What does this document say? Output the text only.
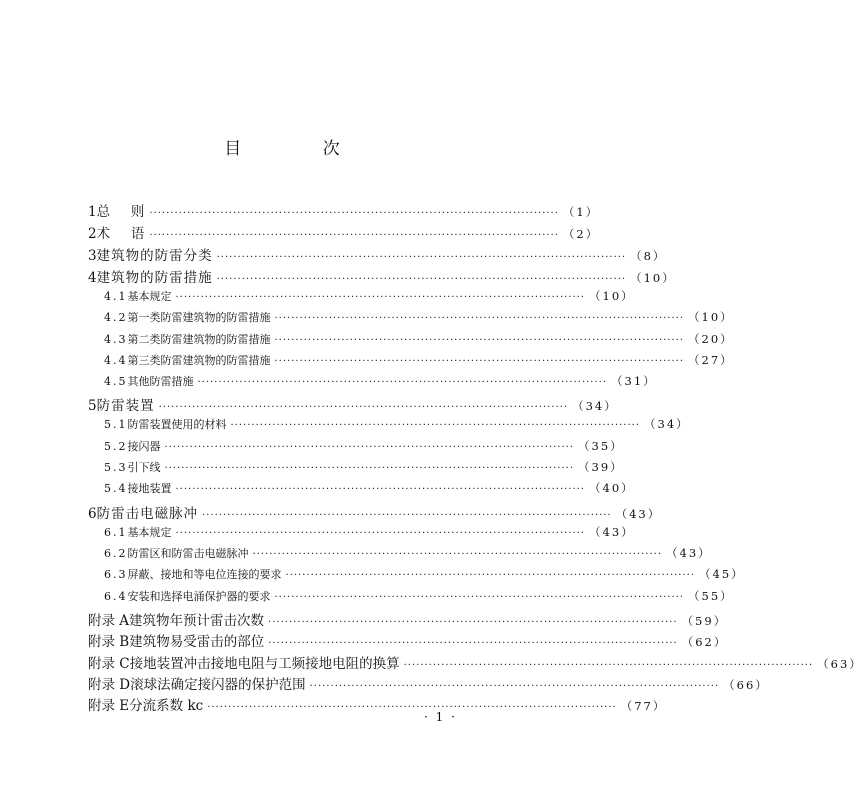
目 次
1 总　 则 ·································································································· （1）
2 术　 语 ·································································································· （2）
3 建筑物的防雷分类 ·································································································· （8）
4 建筑物的防雷措施 ·································································································· （10）
4.1 基本规定 ·································································································· （10）
4.2 第一类防雷建筑物的防雷措施 ·································································································· （10）
4.3 第二类防雷建筑物的防雷措施 ·································································································· （20）
4.4 第三类防雷建筑物的防雷措施 ·································································································· （27）
4.5 其他防雷措施 ·································································································· （31）
5 防雷装置 ·································································································· （34）
5.1 防雷装置使用的材料 ·································································································· （34）
5.2 接闪器 ·································································································· （35）
5.3 引下线 ·································································································· （39）
5.4 接地装置 ·································································································· （40）
6 防雷击电磁脉冲 ·································································································· （43）
6.1 基本规定 ·································································································· （43）
6.2 防雷区和防雷击电磁脉冲 ·································································································· （43）
6.3 屏蔽、接地和等电位连接的要求 ·································································································· （45）
6.4 安装和选择电涌保护器的要求 ·································································································· （55）
附录 A 建筑物年预计雷击次数 ·································································································· （59）
附录 B 建筑物易受雷击的部位 ·································································································· （62）
附录 C 接地装置冲击接地电阻与工频接地电阻的换算 ·································································································· （63）
附录 D 滚球法确定接闪器的保护范围 ·································································································· （66）
附录 E 分流系数 kc ·································································································· （77）
· 1 ·
